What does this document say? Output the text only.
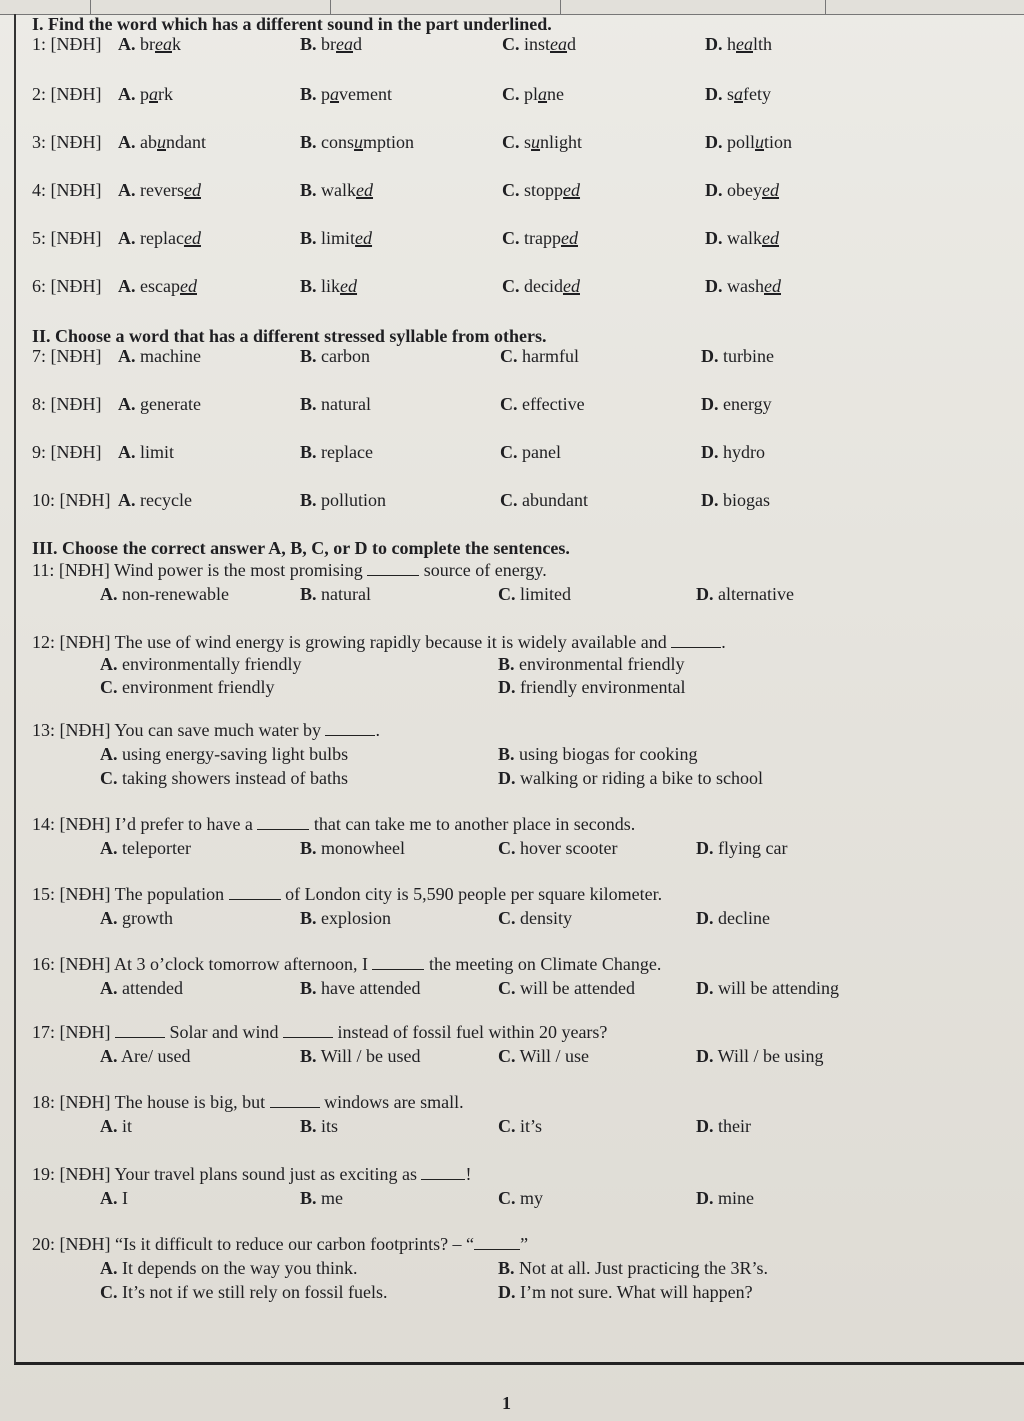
I. Find the word which has a different sound in the part underlined.
II. Choose a word that has a different stressed syllable from others.
III. Choose the correct answer A, B, C, or D to complete the sentences.
1
1: [NĐH] A. break	B. bread	C. instead	D. health
2: [NĐH] A. park	B. pavement	C. plane	D. safety
3: [NĐH] A. abundant	B. consumption	C. sunlight	D. pollution
4: [NĐH] A. reversed	B. walked	C. stopped	D. obeyed
5: [NĐH] A. replaced	B. limited	C. trapped	D. walked
6: [NĐH] A. escaped	B. liked	C. decided	D. washed
7: [NĐH] A. machine	B. carbon	C. harmful	D. turbine
8: [NĐH] A. generate	B. natural	C. effective	D. energy
9: [NĐH] A. limit	B. replace	C. panel	D. hydro
10: [NĐH] A. recycle	B. pollution	C. abundant	D. biogas
11: [NĐH] Wind power is the most promising	source of energy.
A. non-renewable	B. natural	C. limited	D. alternative
12: [NĐH] The use of wind energy is growing rapidly because it is widely available and	.
A. environmentally friendly	B. environmental friendly
C. environment friendly	D. friendly environmental
13: [NĐH] You can save much water by	.
A. using energy-saving light bulbs	B. using biogas for cooking
C. taking showers instead of baths	D. walking or riding a bike to school
14: [NĐH] I’d prefer to have a	that can take me to another place in seconds.
A. teleporter	B. monowheel	C. hover scooter	D. flying car
15: [NĐH] The population	of London city is 5,590 people per square kilometer.
A. growth	B. explosion	C. density	D. decline
16: [NĐH] At 3 o’clock tomorrow afternoon, I	the meeting on Climate Change.
A. attended	B. have attended	C. will be attended	D. will be attending
17: [NĐH]	Solar and wind	instead of fossil fuel within 20 years?
A. Are/ used	B. Will / be used	C. Will / use	D. Will / be using
18: [NĐH] The house is big, but	windows are small.
A. it	B. its	C. it’s	D. their
19: [NĐH] Your travel plans sound just as exciting as !
A. I	B. me	C. my	D. mine
20: [NĐH] “Is it difficult to reduce our carbon footprints? – “	”
A. It depends on the way you think.	B. Not at all. Just practicing the 3R’s.
C. It’s not if we still rely on fossil fuels.	D. I’m not sure. What will happen?
